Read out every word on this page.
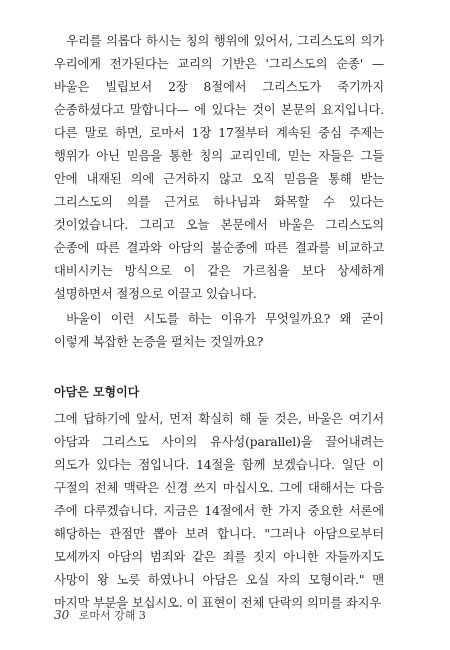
우리를 의롭다 하시는 칭의 행위에 있어서, 그리스도의 의가 우리에게 전가된다는 교리의 기반은 '그리스도의 순종' —바울은 빌립보서 2장 8절에서 그리스도가 죽기까지 순종하셨다고 말합니다— 에 있다는 것이 본문의 요지입니다. 다른 말로 하면, 로마서 1장 17절부터 계속된 중심 주제는 행위가 아닌 믿음을 통한 칭의 교리인데, 믿는 자들은 그들 안에 내재된 의에 근거하지 않고 오직 믿음을 통해 받는 그리스도의 의를 근거로 하나님과 화목할 수 있다는 것이었습니다. 그리고 오늘 본문에서 바울은 그리스도의 순종에 따른 결과와 아담의 불순종에 따른 결과를 비교하고 대비시키는 방식으로 이 같은 가르침을 보다 상세하게 설명하면서 절정으로 이끌고 있습니다.

바울이 이런 시도를 하는 이유가 무엇일까요? 왜 굳이 이렇게 복잡한 논증을 펼치는 것일까요?

아담은 모형이다

그에 답하기에 앞서, 먼저 확실히 해 둘 것은, 바울은 여기서 아담과 그리스도 사이의 유사성(parallel)을 끌어내려는 의도가 있다는 점입니다. 14절을 함께 보겠습니다. 일단 이 구절의 전체 맥락은 신경 쓰지 마십시오. 그에 대해서는 다음 주에 다루겠습니다. 지금은 14절에서 한 가지 중요한 서론에 해당하는 관점만 뽑아 보려 합니다. "그러나 아담으로부터 모세까지 아담의 범죄와 같은 죄를 짓지 아니한 자들까지도 사망이 왕 노릇 하였나니 아담은 오실 자의 모형이라." 맨 마지막 부분을 보십시오. 이 표현이 전체 단락의 의미를 좌지우

30 로마서 강해 3
